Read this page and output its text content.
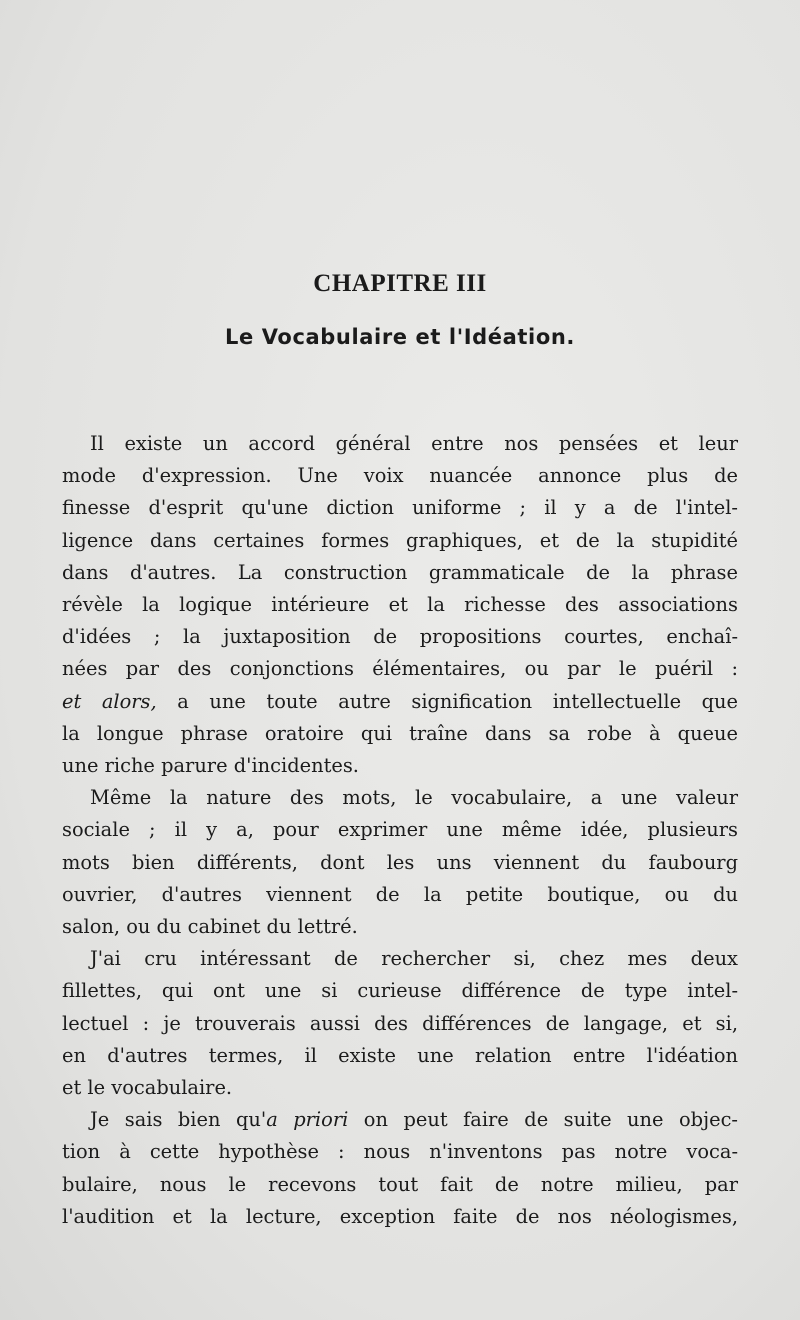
CHAPITRE III
Le Vocabulaire et l'Idéation.

Il existe un accord général entre nos pensées et leur
mode d'expression. Une voix nuancée annonce plus de
finesse d'esprit qu'une diction uniforme ; il y a de l'intel-
ligence dans certaines formes graphiques, et de la stupidité
dans d'autres. La construction grammaticale de la phrase
révèle la logique intérieure et la richesse des associations
d'idées ; la juxtaposition de propositions courtes, enchaî-
nées par des conjonctions élémentaires, ou par le puéril :
et alors, a une toute autre signification intellectuelle que
la longue phrase oratoire qui traîne dans sa robe à queue
une riche parure d'incidentes.

Même la nature des mots, le vocabulaire, a une valeur
sociale ; il y a, pour exprimer une même idée, plusieurs
mots bien différents, dont les uns viennent du faubourg
ouvrier, d'autres viennent de la petite boutique, ou du
salon, ou du cabinet du lettré.

J'ai cru intéressant de rechercher si, chez mes deux
fillettes, qui ont une si curieuse différence de type intel-
lectuel : je trouverais aussi des différences de langage, et si,
en d'autres termes, il existe une relation entre l'idéation
et le vocabulaire.

Je sais bien qu'a priori on peut faire de suite une objec-
tion à cette hypothèse : nous n'inventons pas notre voca-
bulaire, nous le recevons tout fait de notre milieu, par
l'audition et la lecture, exception faite de nos néologismes,
